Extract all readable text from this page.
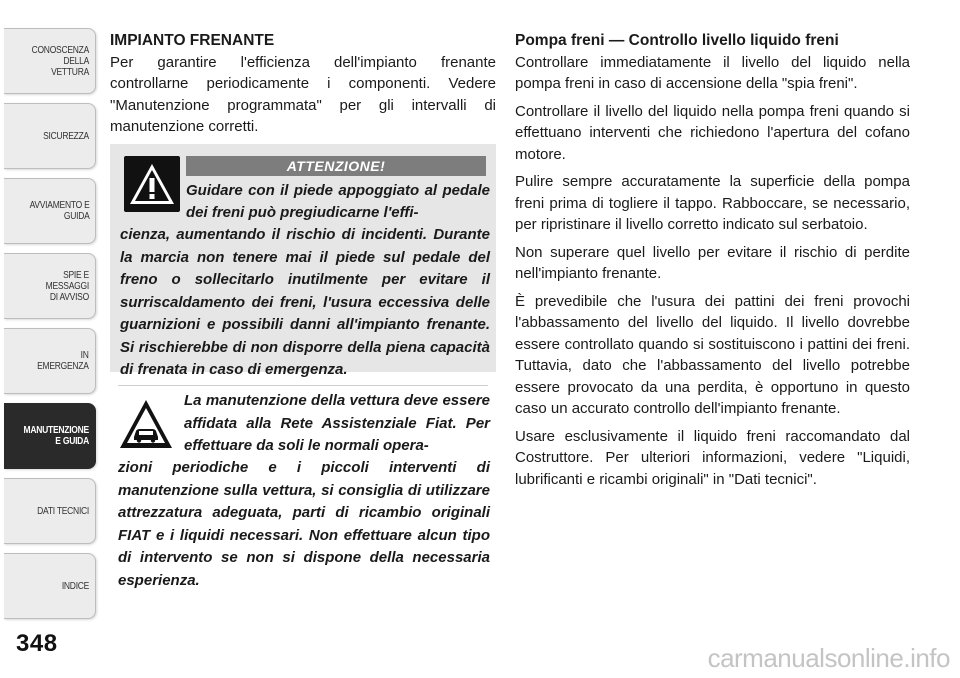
CONOSCENZA DELLA
VETTURA
SICUREZZA
AVVIAMENTO E
GUIDA
SPIE E
MESSAGGI
DI AVVISO
IN
EMERGENZA
MANUTENZIONE
E GUIDA
DATI TECNICI
INDICE
348
IMPIANTO FRENANTE
Per garantire l'efficienza dell'impianto frenante controllarne periodicamente i componenti. Vedere "Manutenzione programmata" per gli intervalli di manutenzione corretti.
ATTENZIONE!
Guidare con il piede appoggiato al pedale dei freni può pregiudicarne l'effi-
cienza, aumentando il rischio di incidenti. Durante la marcia non tenere mai il piede sul pedale del freno o sollecitarlo inutilmente per evitare il surriscaldamento dei freni, l'usura eccessiva delle guarnizioni e possibili danni all'impianto frenante. Si rischierebbe di non disporre della piena capacità di frenata in caso di emergenza.
La manutenzione della vettura deve essere affidata alla Rete Assistenziale Fiat. Per effettuare da soli le normali opera-
zioni periodiche e i piccoli interventi di manutenzione sulla vettura, si consiglia di utilizzare attrezzatura adeguata, parti di ricambio originali FIAT e i liquidi necessari. Non effettuare alcun tipo di intervento se non si dispone della necessaria esperienza.
Pompa freni — Controllo livello liquido freni
Controllare immediatamente il livello del liquido nella pompa freni in caso di accensione della "spia freni".
Controllare il livello del liquido nella pompa freni quando si effettuano interventi che richiedono l'apertura del cofano motore.
Pulire sempre accuratamente la superficie della pompa freni prima di togliere il tappo. Rabboccare, se necessario, per ripristinare il livello corretto indicato sul serbatoio.
Non superare quel livello per evitare il rischio di perdite nell'impianto frenante.
È prevedibile che l'usura dei pattini dei freni provochi l'abbassamento del livello del liquido. Il livello dovrebbe essere controllato quando si sostituiscono i pattini dei freni. Tuttavia, dato che l'abbassamento del livello potrebbe essere provocato da una perdita, è opportuno in questo caso un accurato controllo dell'impianto frenante.
Usare esclusivamente il liquido freni raccomandato dal Costruttore. Per ulteriori informazioni, vedere "Liquidi, lubrificanti e ricambi originali" in "Dati tecnici".
carmanualsonline.info
